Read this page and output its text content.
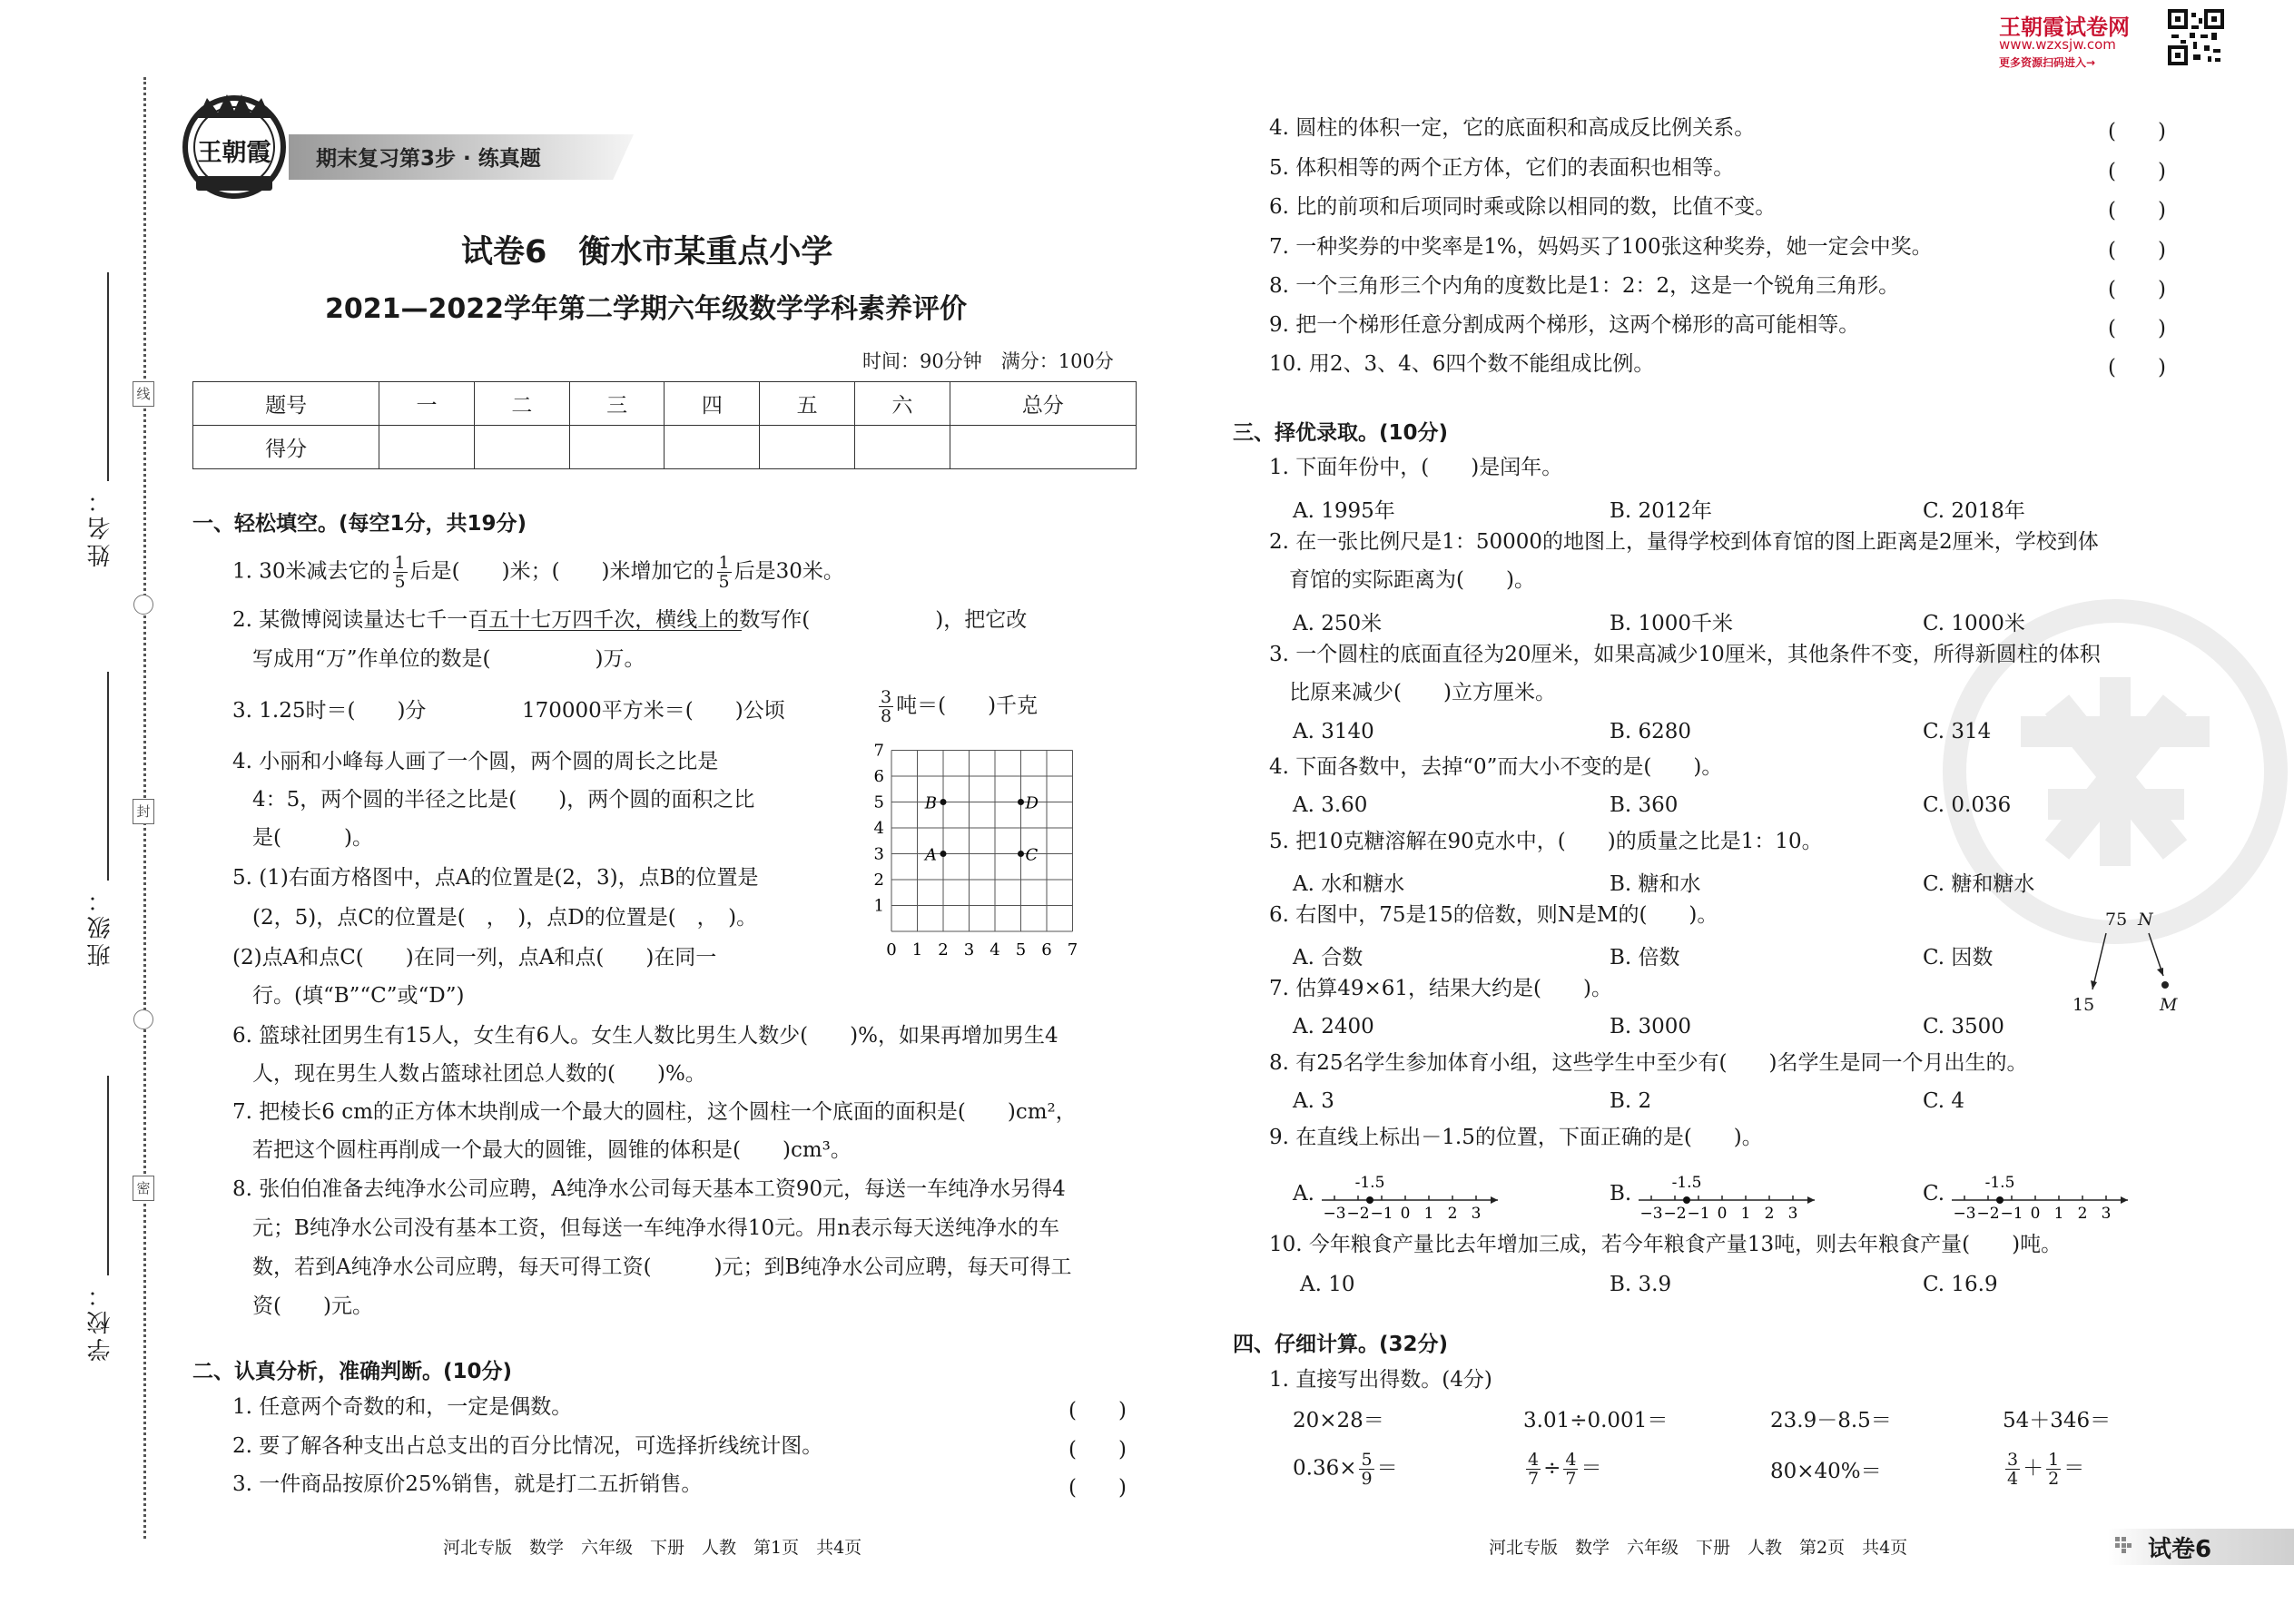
线
封
密
姓名：
班级：
学校：
王朝霞 期末复习第3步 · 练真题
试卷6　衡水市某重点小学
2021—2022学年第二学期六年级数学学科素养评价
时间：90分钟　满分：100分
题号	一	二	三	四	五	六	总分
得分							
一、轻松填空。(每空1分，共19分)
1. 30米减去它的 $\frac{1}{5}$ 后是(　　)米；(　　)米增加它的 $\frac{1}{5}$ 后是30米。
2. 某微博阅读量达七千一百五十七万四千次，横线上的数写作(　　　　　　)，把它改
写成用“万”作单位的数是(　　　　　)万。
3. 1.25时＝(　　)分	170000平方米＝(　　)公顷	$\frac{3}{8}$ 吨＝(　　)千克
4. 小丽和小峰每人画了一个圆，两个圆的周长之比是
4：5，两个圆的半径之比是(　　)，两个圆的面积之比
是(　　　)。
5. (1)右面方格图中，点A的位置是(2，3)，点B的位置是
(2，5)，点C的位置是(　，　)，点D的位置是(　，　)。
(2)点A和点C(　　)在同一列，点A和点(　　)在同一
行。(填“B”“C”或“D”)
7
6
5
4
3
2
1
0 1 2 3 4 5 6 7
B	D
A	C
6. 篮球社团男生有15人，女生有6人。女生人数比男生人数少(　　)%，如果再增加男生4
人，现在男生人数占篮球社团总人数的(　　)%。
7. 把棱长6 cm的正方体木块削成一个最大的圆柱，这个圆柱一个底面的面积是(　　)cm²，
若把这个圆柱再削成一个最大的圆锥，圆锥的体积是(　　)cm³。
8. 张伯伯准备去纯净水公司应聘，A纯净水公司每天基本工资90元，每送一车纯净水另得4
元；B纯净水公司没有基本工资，但每送一车纯净水得10元。用n表示每天送纯净水的车
数，若到A纯净水公司应聘，每天可得工资(　　　)元；到B纯净水公司应聘，每天可得工
资(　　)元。
二、认真分析，准确判断。(10分)
1. 任意两个奇数的和，一定是偶数。	(　　)
2. 要了解各种支出占总支出的百分比情况，可选择折线统计图。	(　　)
3. 一件商品按原价25%销售，就是打二五折销售。	(　　)
河北专版　数学　六年级　下册　人教　第1页　共4页
王朝霞试卷网
www.wzxsjw.com
更多资源扫码进入→
4. 圆柱的体积一定，它的底面积和高成反比例关系。	(　　)
5. 体积相等的两个正方体，它们的表面积也相等。	(　　)
6. 比的前项和后项同时乘或除以相同的数，比值不变。	(　　)
7. 一种奖券的中奖率是1%，妈妈买了100张这种奖券，她一定会中奖。	(　　)
8. 一个三角形三个内角的度数比是1：2：2，这是一个锐角三角形。	(　　)
9. 把一个梯形任意分割成两个梯形，这两个梯形的高可能相等。	(　　)
10. 用2、3、4、6四个数不能组成比例。	(　　)
三、择优录取。(10分)
1. 下面年份中，(　　)是闰年。
A. 1995年	B. 2012年	C. 2018年
2. 在一张比例尺是1：50000的地图上，量得学校到体育馆的图上距离是2厘米，学校到体
育馆的实际距离为(　　)。
A. 250米	B. 1000千米	C. 1000米
3. 一个圆柱的底面直径为20厘米，如果高减少10厘米，其他条件不变，所得新圆柱的体积
比原来减少(　　)立方厘米。
A. 3140	B. 6280	C. 314
4. 下面各数中，去掉“0”而大小不变的是(　　)。
A. 3.60	B. 360	C. 0.036
5. 把10克糖溶解在90克水中，(　　)的质量之比是1：10。
A. 水和糖水	B. 糖和水	C. 糖和糖水
6. 右图中，75是15的倍数，则N是M的(　　)。
A. 合数	B. 倍数	C. 因数
75 N
15	M
7. 估算49×61，结果大约是(　　)。
A. 2400	B. 3000	C. 3500
8. 有25名学生参加体育小组，这些学生中至少有(　　)名学生是同一个月出生的。
A. 3	B. 2	C. 4
9. 在直线上标出－1.5的位置，下面正确的是(　　)。
A.
−3 −2 −1 0 1 2 3
-1.5	B.
−3 −2 −1 0 1 2 3
-1.5	C.
−3 −2 −1 0 1 2 3
-1.5
10. 今年粮食产量比去年增加三成，若今年粮食产量13吨，则去年粮食产量(　　)吨。
A. 10	B. 3.9	C. 16.9
四、仔细计算。(32分)
1. 直接写出得数。(4分)
20×28＝	3.01÷0.001＝	23.9－8.5＝	54＋346＝
$0.36\times \frac{5}{9}$ ＝	$\frac{4}{7} \div \frac{4}{7}$ ＝	80×40%＝	$\frac{3}{4} + \frac{1}{2}$ ＝
河北专版　数学　六年级　下册　人教　第2页　共4页	试卷6
